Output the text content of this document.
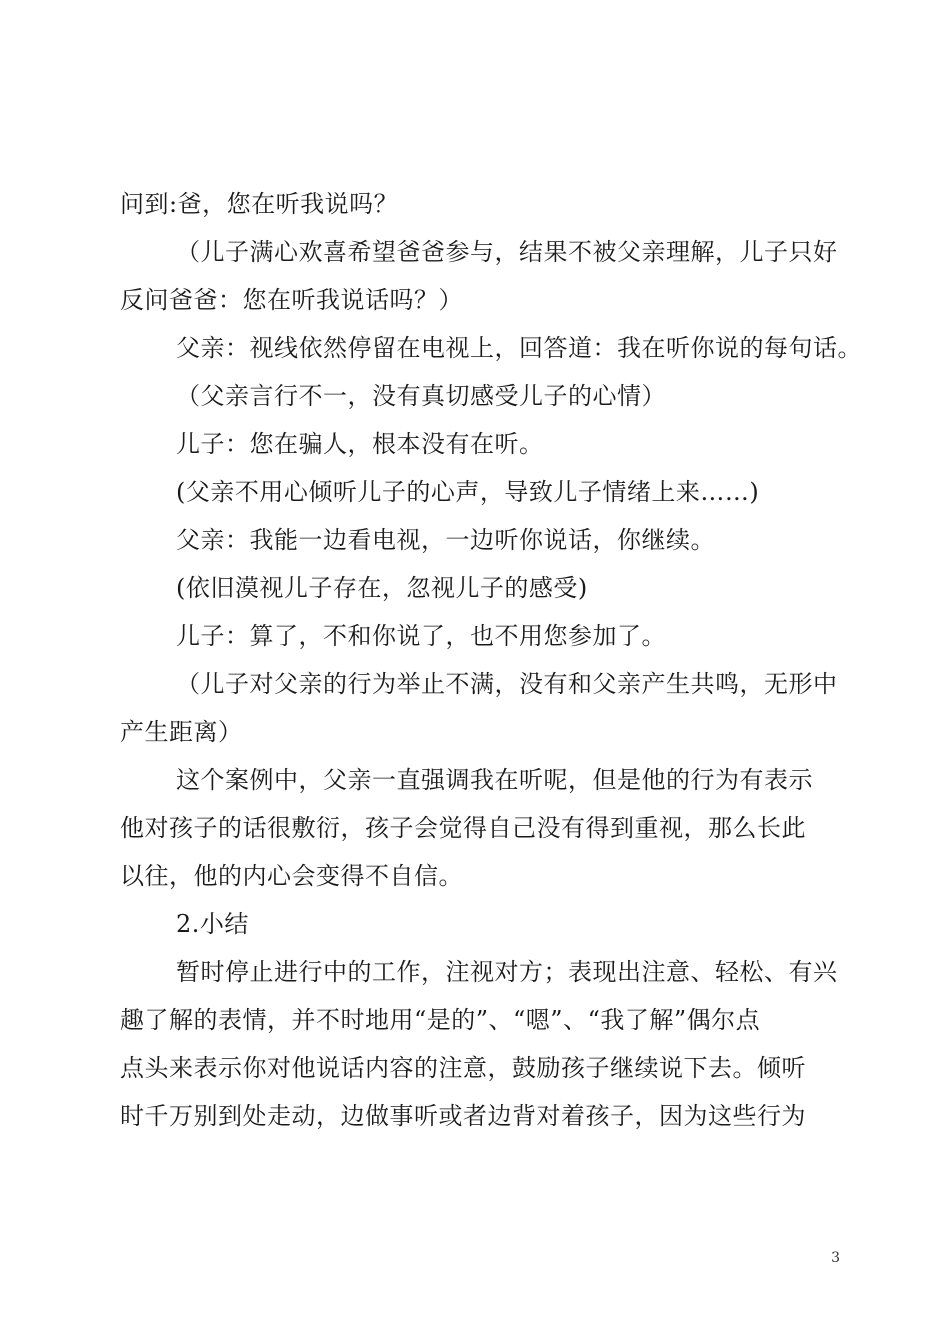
问到:爸，您在听我说吗？
（儿子满心欢喜希望爸爸参与，结果不被父亲理解，儿子只好
反问爸爸：您在听我说话吗？）
父亲：视线依然停留在电视上，回答道：我在听你说的每句话。
（父亲言行不一，没有真切感受儿子的心情）
儿子：您在骗人，根本没有在听。
(父亲不用心倾听儿子的心声，导致儿子情绪上来……)
父亲：我能一边看电视，一边听你说话，你继续。
(依旧漠视儿子存在，忽视儿子的感受)
儿子：算了，不和你说了，也不用您参加了。
（儿子对父亲的行为举止不满，没有和父亲产生共鸣，无形中
产生距离）
这个案例中，父亲一直强调我在听呢，但是他的行为有表示
他对孩子的话很敷衍，孩子会觉得自己没有得到重视，那么长此
以往，他的内心会变得不自信。
2.小结
暂时停止进行中的工作，注视对方；表现出注意、轻松、有兴
趣了解的表情，并不时地用“是的”、“嗯”、“我了解”偶尔点
点头来表示你对他说话内容的注意，鼓励孩子继续说下去。倾听
时千万别到处走动，边做事听或者边背对着孩子，因为这些行为
3
